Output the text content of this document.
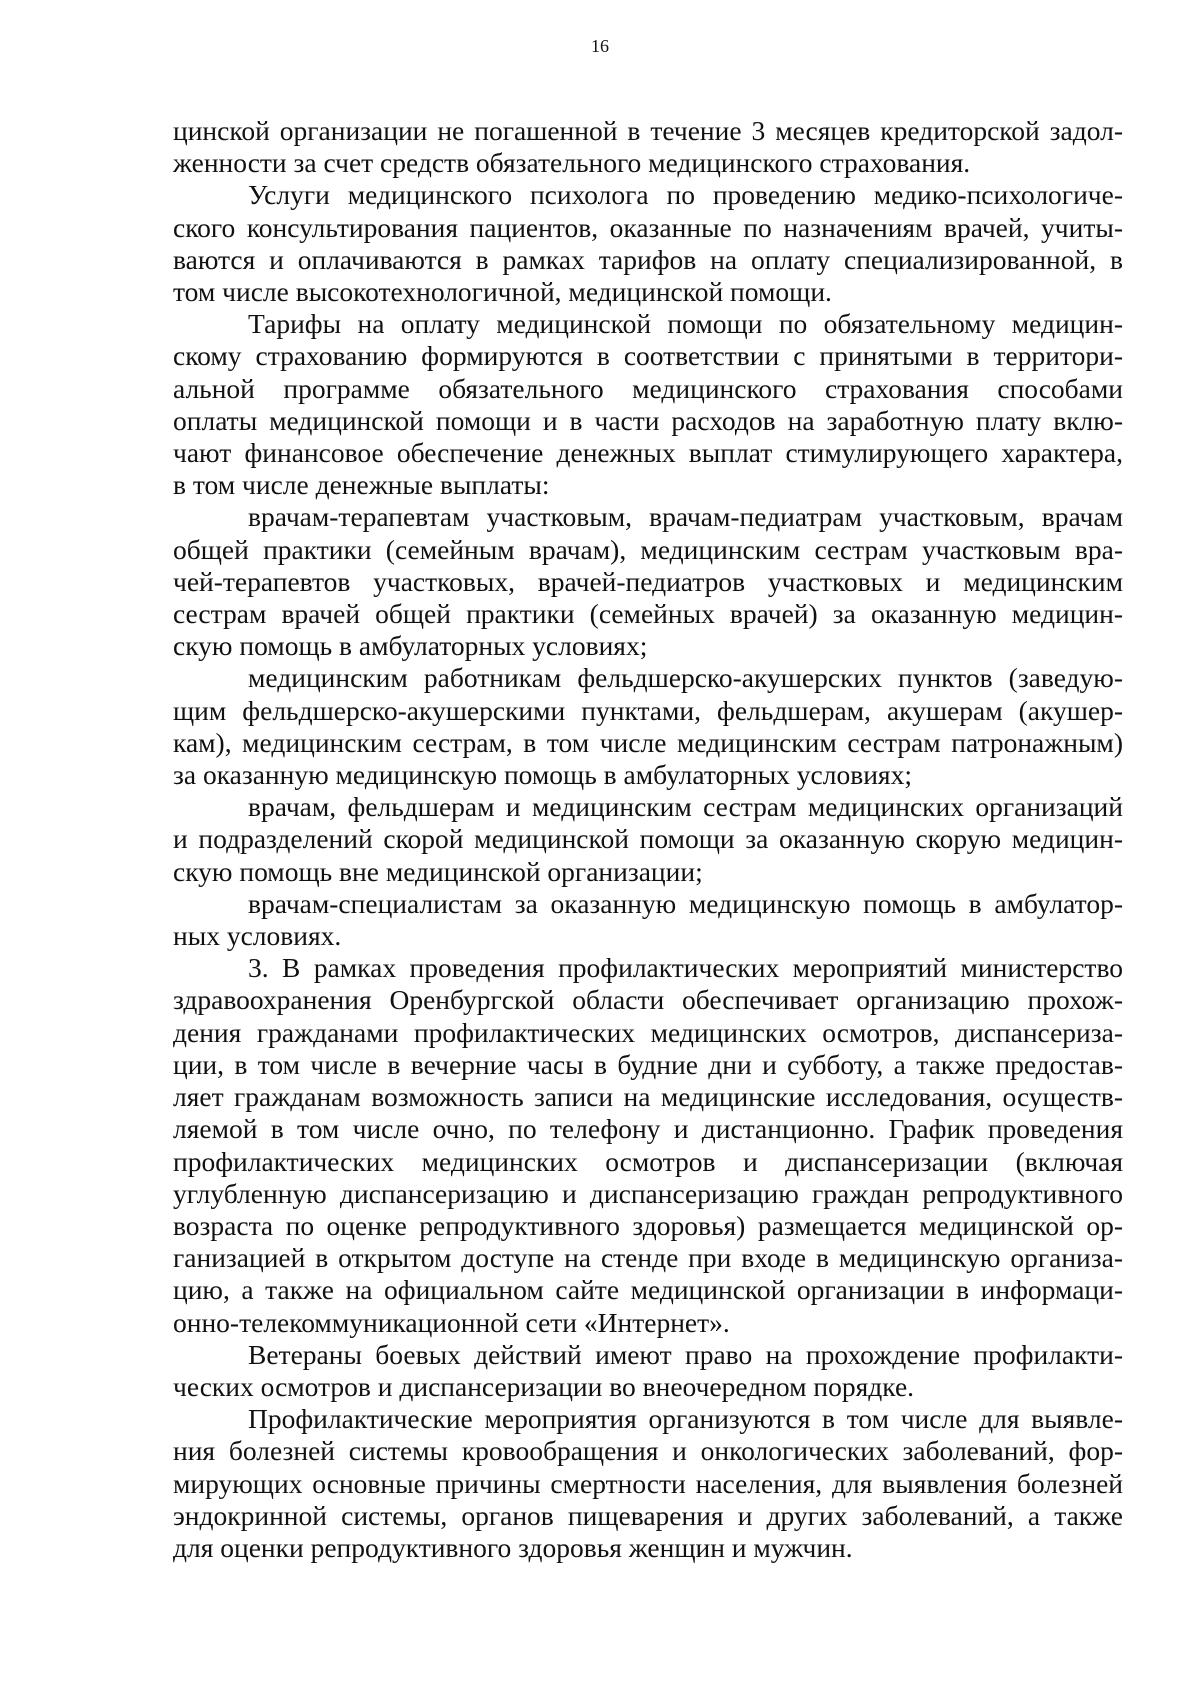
16
цинской организации не погашенной в течение 3 месяцев кредиторской задол-
женности за счет средств обязательного медицинского страхования.
Услуги медицинского психолога по проведению медико-психологиче-
ского консультирования пациентов, оказанные по назначениям врачей, учиты-
ваются и оплачиваются в рамках тарифов на оплату специализированной, в
том числе высокотехнологичной, медицинской помощи.
Тарифы на оплату медицинской помощи по обязательному медицин-
скому страхованию формируются в соответствии с принятыми в территори-
альной программе обязательного медицинского страхования способами
оплаты медицинской помощи и в части расходов на заработную плату вклю-
чают финансовое обеспечение денежных выплат стимулирующего характера,
в том числе денежные выплаты:
врачам-терапевтам участковым, врачам-педиатрам участковым, врачам
общей практики (семейным врачам), медицинским сестрам участковым вра-
чей-терапевтов участковых, врачей-педиатров участковых и медицинским
сестрам врачей общей практики (семейных врачей) за оказанную медицин-
скую помощь в амбулаторных условиях;
медицинским работникам фельдшерско-акушерских пунктов (заведую-
щим фельдшерско-акушерскими пунктами, фельдшерам, акушерам (акушер-
кам), медицинским сестрам, в том числе медицинским сестрам патронажным)
за оказанную медицинскую помощь в амбулаторных условиях;
врачам, фельдшерам и медицинским сестрам медицинских организаций
и подразделений скорой медицинской помощи за оказанную скорую медицин-
скую помощь вне медицинской организации;
врачам-специалистам за оказанную медицинскую помощь в амбулатор-
ных условиях.
3. В рамках проведения профилактических мероприятий министерство
здравоохранения Оренбургской области обеспечивает организацию прохож-
дения гражданами профилактических медицинских осмотров, диспансериза-
ции, в том числе в вечерние часы в будние дни и субботу, а также предостав-
ляет гражданам возможность записи на медицинские исследования, осуществ-
ляемой в том числе очно, по телефону и дистанционно. График проведения
профилактических медицинских осмотров и диспансеризации (включая
углубленную диспансеризацию и диспансеризацию граждан репродуктивного
возраста по оценке репродуктивного здоровья) размещается медицинской ор-
ганизацией в открытом доступе на стенде при входе в медицинскую организа-
цию, а также на официальном сайте медицинской организации в информаци-
онно-телекоммуникационной сети «Интернет».
Ветераны боевых действий имеют право на прохождение профилакти-
ческих осмотров и диспансеризации во внеочередном порядке.
Профилактические мероприятия организуются в том числе для выявле-
ния болезней системы кровообращения и онкологических заболеваний, фор-
мирующих основные причины смертности населения, для выявления болезней
эндокринной системы, органов пищеварения и других заболеваний, а также
для оценки репродуктивного здоровья женщин и мужчин.
